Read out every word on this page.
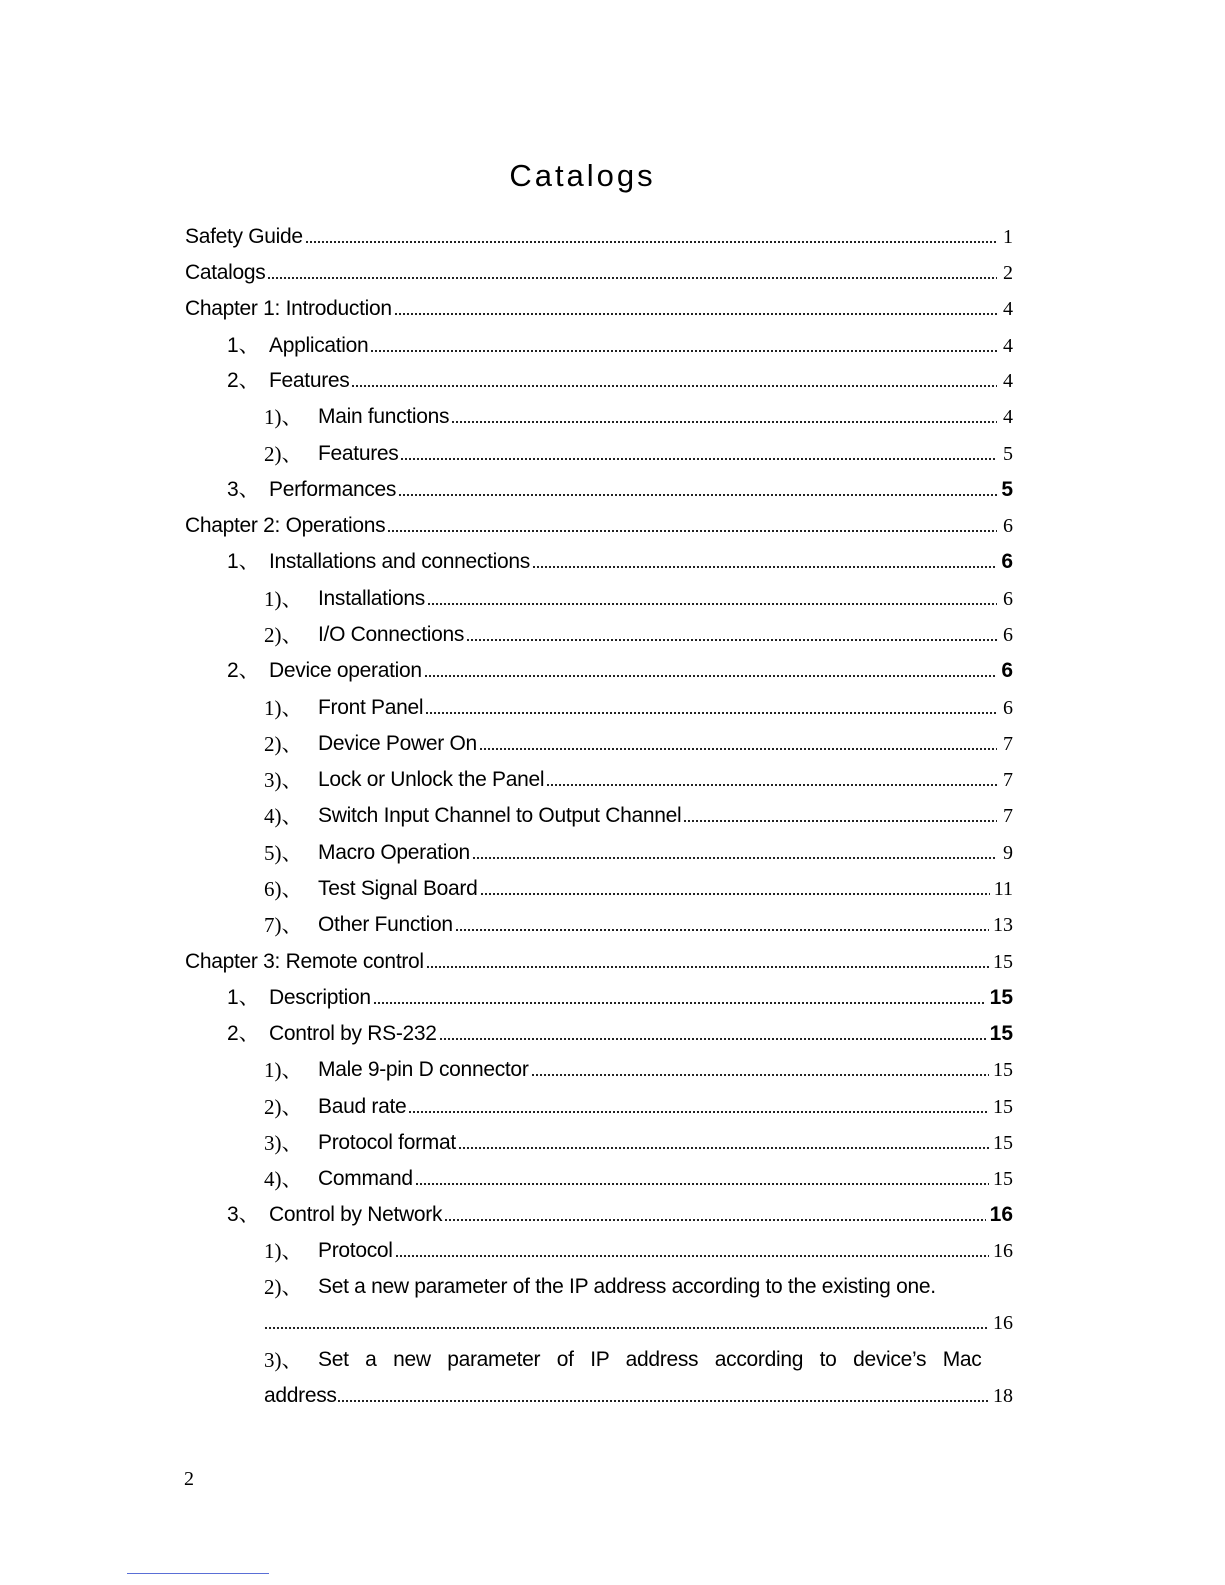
Catalogs
Safety Guide	1
Catalogs	2
Chapter 1: Introduction	4
1、 Application	4
2、 Features	4
1)、 Main functions	4
2)、 Features	5
3、 Performances	5
Chapter 2: Operations	6
1、 Installations and connections	6
1)、 Installations	6
2)、 I/O Connections	6
2、 Device operation	6
1)、 Front Panel	6
2)、 Device Power On	7
3)、 Lock or Unlock the Panel	7
4)、 Switch Input Channel to Output Channel	7
5)、 Macro Operation	9
6)、 Test Signal Board	11
7)、 Other Function	13
Chapter 3: Remote control	15
1、 Description	15
2、 Control by RS-232	15
1)、 Male 9-pin D connector	15
2)、 Baud rate	15
3)、 Protocol format	15
4)、 Command	15
3、 Control by Network	16
1)、 Protocol	16
2)、 Set a new parameter of the IP address according to the existing one.
16
3)、 Set a new parameter of IP address according to device’s Mac
address	18
2
